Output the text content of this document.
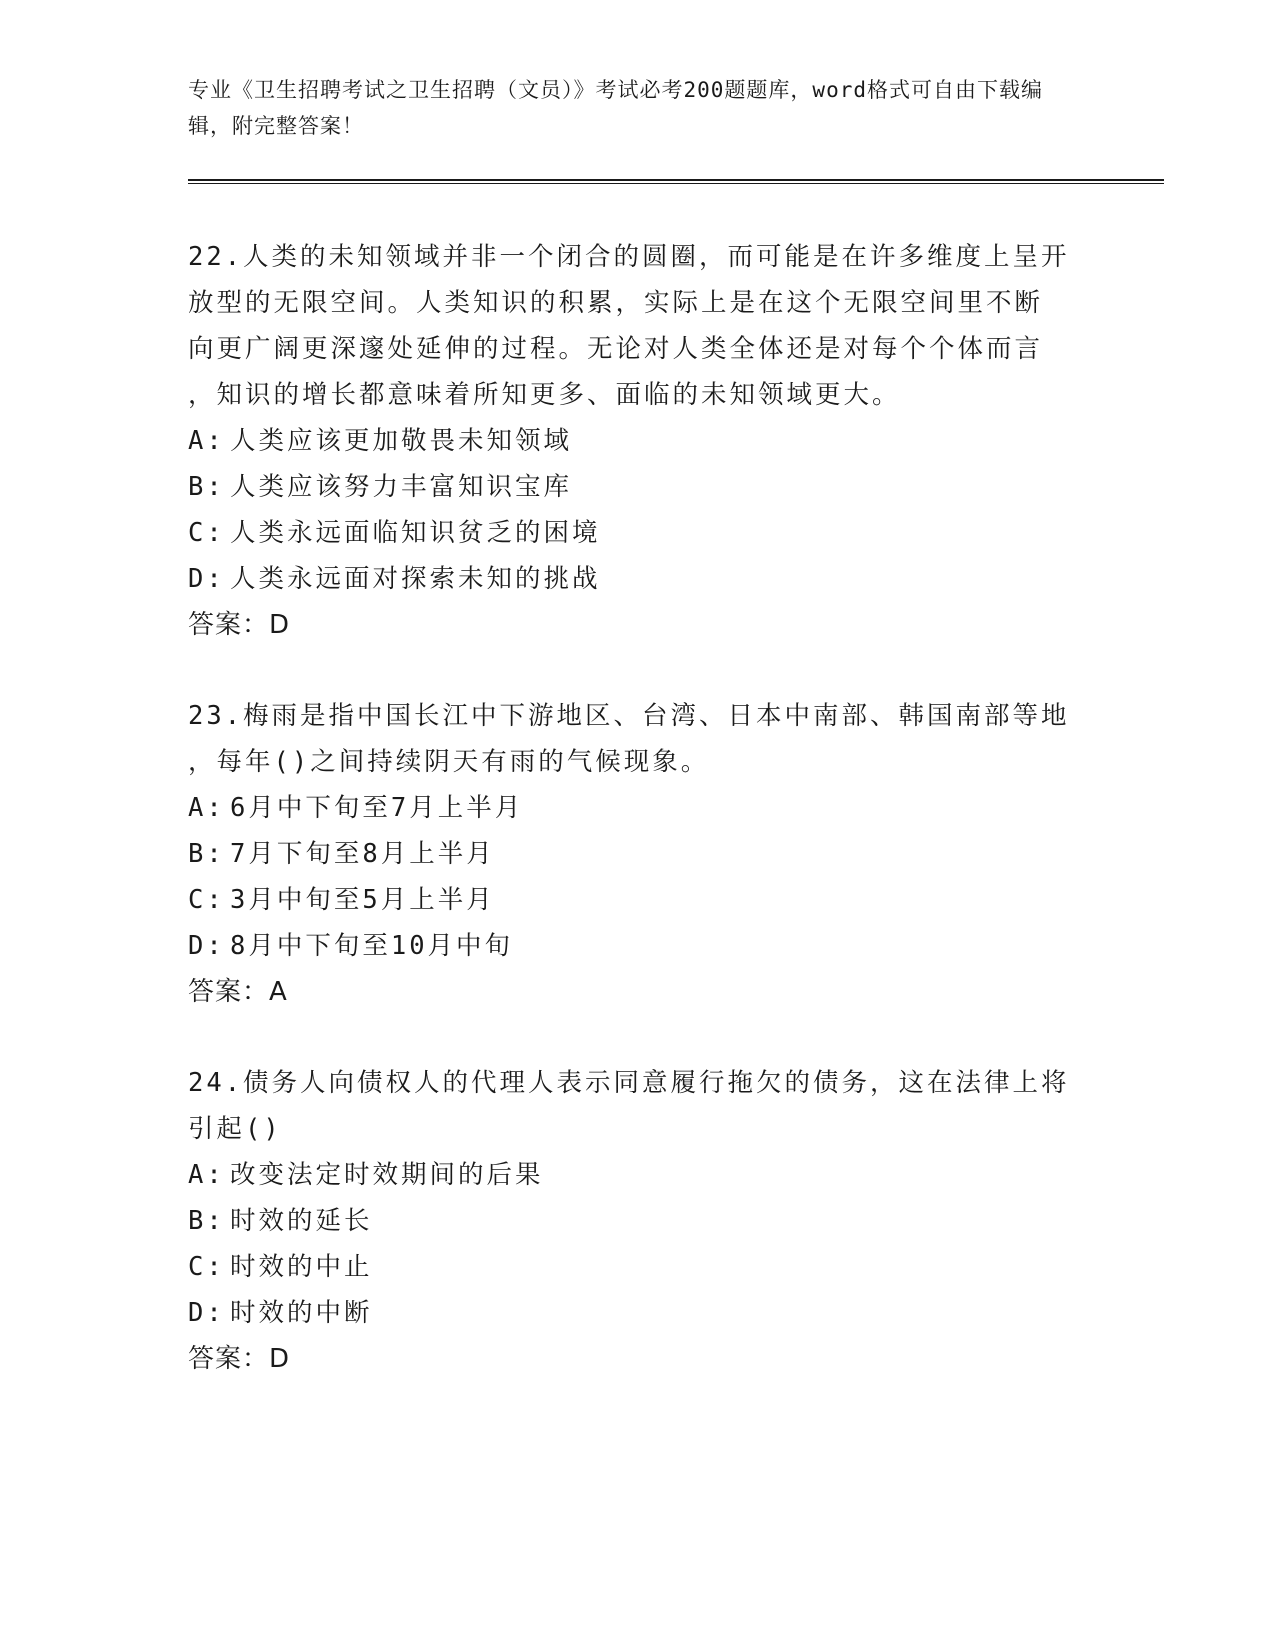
专业《卫生招聘考试之卫生招聘（文员）》考试必考200题题库，word格式可自由下载编辑，附完整答案！

22.人类的未知领域并非一个闭合的圆圈，而可能是在许多维度上呈开
放型的无限空间。人类知识的积累，实际上是在这个无限空间里不断
向更广阔更深邃处延伸的过程。无论对人类全体还是对每个个体而言
，知识的增长都意味着所知更多、面临的未知领域更大。

A: 人类应该更加敬畏未知领域
B: 人类应该努力丰富知识宝库
C: 人类永远面临知识贫乏的困境
D: 人类永远面对探索未知的挑战
答案：D

23.梅雨是指中国长江中下游地区、台湾、日本中南部、韩国南部等地
，每年()之间持续阴天有雨的气候现象。

A: 6月中下旬至7月上半月
B: 7月下旬至8月上半月
C: 3月中旬至5月上半月
D: 8月中下旬至10月中旬
答案：A

24.债务人向债权人的代理人表示同意履行拖欠的债务，这在法律上将
引起()

A: 改变法定时效期间的后果
B: 时效的延长
C: 时效的中止
D: 时效的中断
答案：D
